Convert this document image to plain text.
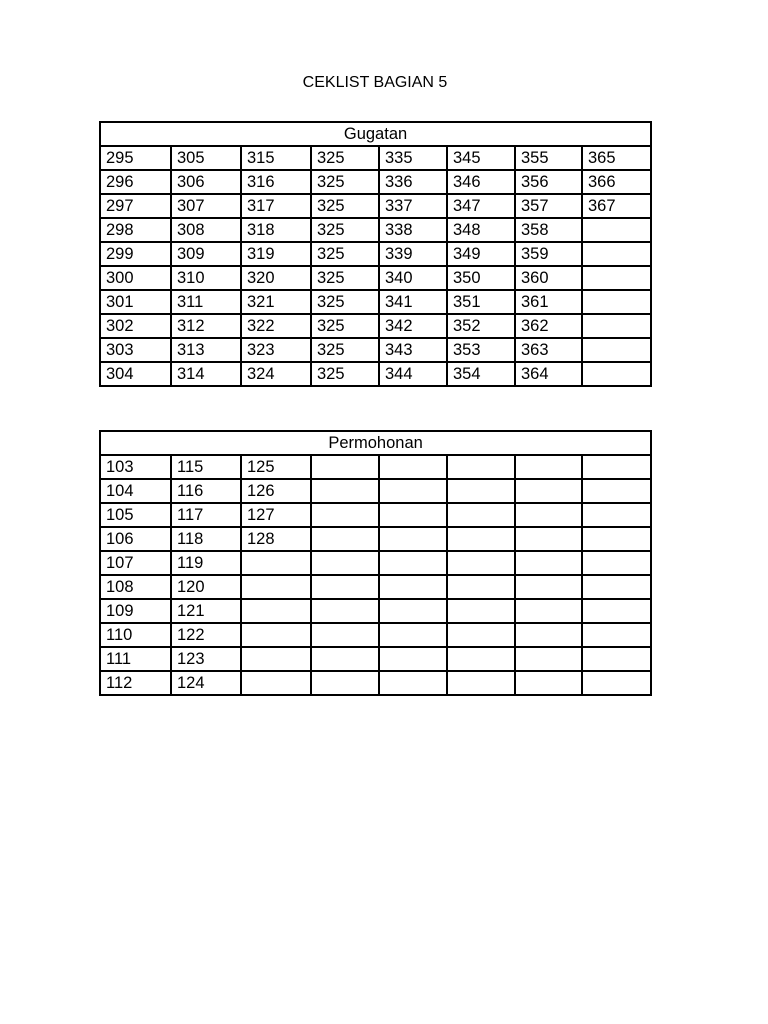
CEKLIST BAGIAN 5
Gugatan							
295	305	315	325	335	345	355	365
296	306	316	325	336	346	356	366
297	307	317	325	337	347	357	367
298	308	318	325	338	348	358	
299	309	319	325	339	349	359	
300	310	320	325	340	350	360	
301	311	321	325	341	351	361	
302	312	322	325	342	352	362	
303	313	323	325	343	353	363	
304	314	324	325	344	354	364	
Permohonan							
103	115	125					
104	116	126					
105	117	127					
106	118	128					
107	119						
108	120						
109	121						
110	122						
111	123						
112	124						
